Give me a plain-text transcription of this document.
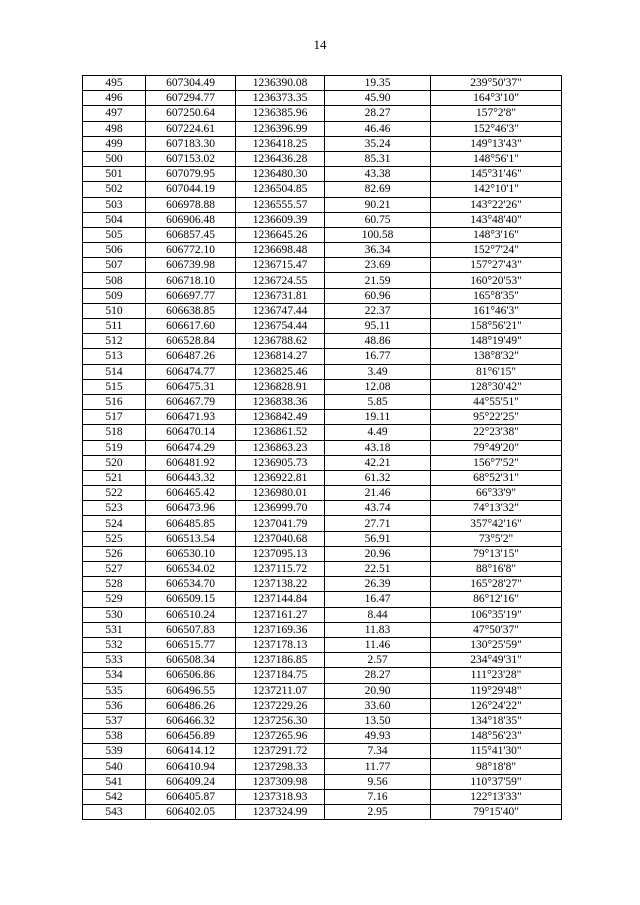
14
495	607304.49	1236390.08	19.35	239°50'37"
496	607294.77	1236373.35	45.90	164°3'10"
497	607250.64	1236385.96	28.27	157°2'8"
498	607224.61	1236396.99	46.46	152°46'3"
499	607183.30	1236418.25	35.24	149°13'43"
500	607153.02	1236436.28	85.31	148°56'1"
501	607079.95	1236480.30	43.38	145°31'46"
502	607044.19	1236504.85	82.69	142°10'1"
503	606978.88	1236555.57	90.21	143°22'26"
504	606906.48	1236609.39	60.75	143°48'40"
505	606857.45	1236645.26	100.58	148°3'16"
506	606772.10	1236698.48	36.34	152°7'24"
507	606739.98	1236715.47	23.69	157°27'43"
508	606718.10	1236724.55	21.59	160°20'53"
509	606697.77	1236731.81	60.96	165°8'35"
510	606638.85	1236747.44	22.37	161°46'3"
511	606617.60	1236754.44	95.11	158°56'21"
512	606528.84	1236788.62	48.86	148°19'49"
513	606487.26	1236814.27	16.77	138°8'32"
514	606474.77	1236825.46	3.49	81°6'15"
515	606475.31	1236828.91	12.08	128°30'42"
516	606467.79	1236838.36	5.85	44°55'51"
517	606471.93	1236842.49	19.11	95°22'25"
518	606470.14	1236861.52	4.49	22°23'38"
519	606474.29	1236863.23	43.18	79°49'20"
520	606481.92	1236905.73	42.21	156°7'52"
521	606443.32	1236922.81	61.32	68°52'31"
522	606465.42	1236980.01	21.46	66°33'9"
523	606473.96	1236999.70	43.74	74°13'32"
524	606485.85	1237041.79	27.71	357°42'16"
525	606513.54	1237040.68	56.91	73°5'2"
526	606530.10	1237095.13	20.96	79°13'15"
527	606534.02	1237115.72	22.51	88°16'8"
528	606534.70	1237138.22	26.39	165°28'27"
529	606509.15	1237144.84	16.47	86°12'16"
530	606510.24	1237161.27	8.44	106°35'19"
531	606507.83	1237169.36	11.83	47°50'37"
532	606515.77	1237178.13	11.46	130°25'59"
533	606508.34	1237186.85	2.57	234°49'31"
534	606506.86	1237184.75	28.27	111°23'28"
535	606496.55	1237211.07	20.90	119°29'48"
536	606486.26	1237229.26	33.60	126°24'22"
537	606466.32	1237256.30	13.50	134°18'35"
538	606456.89	1237265.96	49.93	148°56'23"
539	606414.12	1237291.72	7.34	115°41'30"
540	606410.94	1237298.33	11.77	98°18'8"
541	606409.24	1237309.98	9.56	110°37'59"
542	606405.87	1237318.93	7.16	122°13'33"
543	606402.05	1237324.99	2.95	79°15'40"
